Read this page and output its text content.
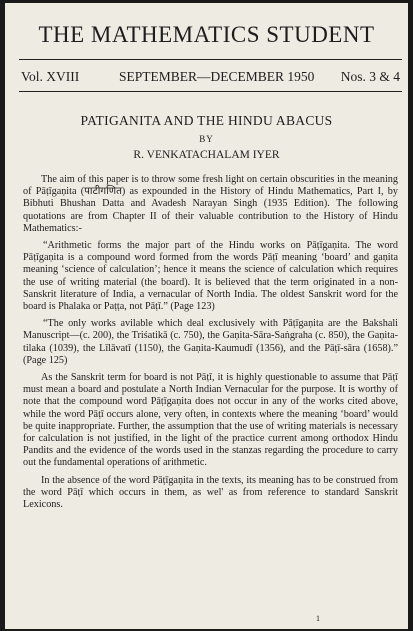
THE MATHEMATICS STUDENT
Vol. XVIII	SEPTEMBER—DECEMBER 1950 Nos. 3 & 4
PATIGANITA AND THE HINDU ABACUS
BY
R. VENKATACHALAM IYER

The aim of this paper is to throw some fresh light on certain obscurities in the meaning of Pāṭīgaṇita (पाटीगणित) as expounded in the History of Hindu Mathematics, Part I, by Bibhuti Bhushan Datta and Avadesh Narayan Singh (1935 Edition). The following quotations are from Chapter II of their valuable contribution to the History of Hindu Mathematics:-

“Arithmetic forms the major part of the Hindu works on Pāṭīgaṇita. The word Pāṭīgaṇita is a compound word formed from the words Pāṭī meaning ‘board’ and gaṇita meaning ‘science of calculation’; hence it means the science of calculation which requires the use of writing material (the board). It is believed that the term originated in a non-Sanskrit literature of India, a vernacular of North India. The oldest Sanskrit word for the board is Phalaka or Paṭṭa, not Pāṭī.” (Page 123)

“The only works avilable which deal exclusively with Pāṭīgaṇita are the Bakshali Manuscript—(c. 200), the Triśatikā (c. 750), the Gaṇita-Sāra-Saṅgraha (c. 850), the Gaṇita-tilaka (1039), the Līlāvatī (1150), the Gaṇita-Kaumudī (1356), and the Pāṭī-sāra (1658).” (Page 125)

As the Sanskrit term for board is not Pāṭī, it is highly questionable to assume that Pāṭī must mean a board and postulate a North Indian Vernacular for the purpose. It is worthy of note that the compound word Pāṭīgaṇita does not occur in any of the works cited above, while the word Pāṭī occurs alone, very often, in contexts where the meaning ‘board’ would be quite inappropriate. Further, the assumption that the use of writing materials is necessary for calculation is not justified, in the light of the practice current among orthodox Hindu Pandits and the evidence of the words used in the stanzas regarding the procedure to carry out the fundamental operations of arithmetic.

In the absence of the word Pāṭīgaṇita in the texts, its meaning has to be construed from the word Pāṭī which occurs in them, as wel' as from reference to standard Sanskrit Lexicons.

1
